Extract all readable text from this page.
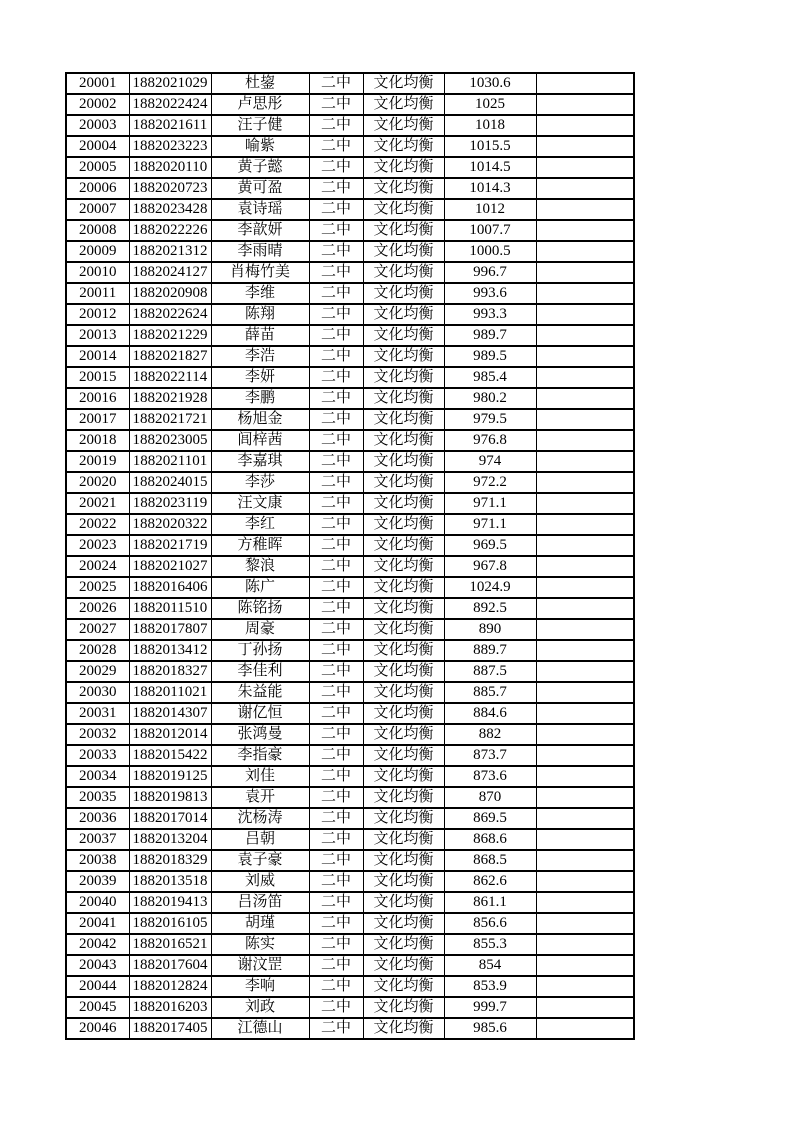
20001	1882021029	杜鋆	二中	文化均衡	1030.6	
20002	1882022424	卢思彤	二中	文化均衡	1025	
20003	1882021611	汪子健	二中	文化均衡	1018	
20004	1882023223	喻紫	二中	文化均衡	1015.5	
20005	1882020110	黄子懿	二中	文化均衡	1014.5	
20006	1882020723	黄可盈	二中	文化均衡	1014.3	
20007	1882023428	袁诗瑶	二中	文化均衡	1012	
20008	1882022226	李歆妍	二中	文化均衡	1007.7	
20009	1882021312	李雨晴	二中	文化均衡	1000.5	
20010	1882024127	肖梅竹美	二中	文化均衡	996.7	
20011	1882020908	李维	二中	文化均衡	993.6	
20012	1882022624	陈翔	二中	文化均衡	993.3	
20013	1882021229	薛苗	二中	文化均衡	989.7	
20014	1882021827	李浩	二中	文化均衡	989.5	
20015	1882022114	李妍	二中	文化均衡	985.4	
20016	1882021928	李鹏	二中	文化均衡	980.2	
20017	1882021721	杨旭金	二中	文化均衡	979.5	
20018	1882023005	闾梓茜	二中	文化均衡	976.8	
20019	1882021101	李嘉琪	二中	文化均衡	974	
20020	1882024015	李莎	二中	文化均衡	972.2	
20021	1882023119	汪文康	二中	文化均衡	971.1	
20022	1882020322	李红	二中	文化均衡	971.1	
20023	1882021719	方稚晖	二中	文化均衡	969.5	
20024	1882021027	黎浪	二中	文化均衡	967.8	
20025	1882016406	陈广	二中	文化均衡	1024.9	
20026	1882011510	陈铭扬	二中	文化均衡	892.5	
20027	1882017807	周豪	二中	文化均衡	890	
20028	1882013412	丁孙扬	二中	文化均衡	889.7	
20029	1882018327	李佳利	二中	文化均衡	887.5	
20030	1882011021	朱益能	二中	文化均衡	885.7	
20031	1882014307	谢亿恒	二中	文化均衡	884.6	
20032	1882012014	张鸿曼	二中	文化均衡	882	
20033	1882015422	李指豪	二中	文化均衡	873.7	
20034	1882019125	刘佳	二中	文化均衡	873.6	
20035	1882019813	袁开	二中	文化均衡	870	
20036	1882017014	沈杨涛	二中	文化均衡	869.5	
20037	1882013204	吕朝	二中	文化均衡	868.6	
20038	1882018329	袁子豪	二中	文化均衡	868.5	
20039	1882013518	刘威	二中	文化均衡	862.6	
20040	1882019413	吕汤笛	二中	文化均衡	861.1	
20041	1882016105	胡瑾	二中	文化均衡	856.6	
20042	1882016521	陈实	二中	文化均衡	855.3	
20043	1882017604	谢汶罡	二中	文化均衡	854	
20044	1882012824	李响	二中	文化均衡	853.9	
20045	1882016203	刘政	二中	文化均衡	999.7	
20046	1882017405	江德山	二中	文化均衡	985.6	
